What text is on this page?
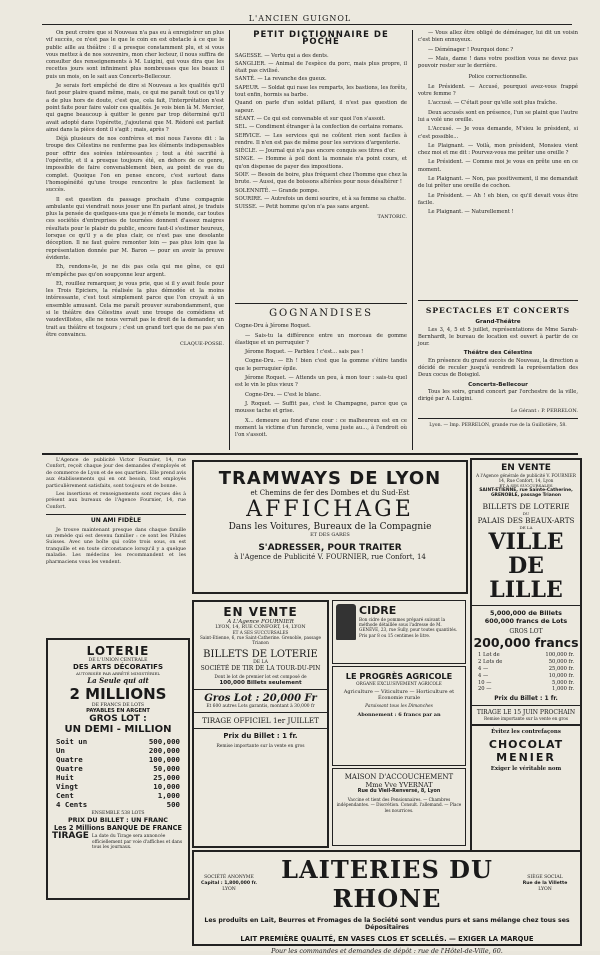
L'ANCIEN GUIGNOL

On peut croire que si Nouveau n'a pas eu à enregistrer un plus vif succès, ce n'est pas le que le coin en est obstacle à ce que le public aille au théâtre : il a presque constamment plu, et si vous vous mettez à de nos souvenirs, mon cher lecteur, il nous suffira de consulter des renseignements à M. Luigini, qui vous dira que les recettes jours sont infiniment plus nombreuses que les beaux il puis un mois, on le sait aux Concerts-Bellecour.

Je serais fort empêché de dire si Nouveau a les qualités qu'il faut pour plaire quand même, mais, ce qui me paraît tout ce qu'il y a de plus hors de doute, c'est que, cela fait, l'interprétation n'est point faite pour faire valoir ces qualités. Je vois bien là M. Mercier, qui gagne beaucoup à quitter le genre par trop déterminé qu'il avait adopté dans l'opérette, j'ajouterai que M. Rédoré est parfait ainsi dans la pièce dont il s'agit ; mais, après ?

Déjà plusieurs de nos confrères et moi nous l'avons dit : la troupe des Célestins ne renferme pas les éléments indispensables pour offrir des soirées intéressantes ; tout a été sacrifié à l'opérette, et il a presque toujours été, en dehors de ce genre, impossible de faire convenablement bien, au point de vue du complet. Quoique l'on en pense encore, c'est surtout dans l'homogénéité qu'une troupe rencontre le plus facilement le succès.

Il est question du passage prochain d'une compagnie ambulante qui viendrait nous jouer une En parlant ainsi, je traduis plus la pensée de quelques-uns que je n'émets le monde, car toutes ces sociétés d'entreprises de tournées donnent d'assez maigres résultats pour le plaisir du public, encore faut-il s'estimer heureux, lorsque ce qu'il y a de plus clair, ce n'est pas une desolante déception. Il ne faut guère remonter loin — pas plus loin que la représentation donnée par M. Baron — pour en avoir la preuve évidente.

Eh, rendons-le, je ne dis pas cela qui me gêne, ce qui m'empêche pas qu'on soupçonne leur argent.

Et, rouillez remarquer, je vous prie, que si il y avait foule pour les Trois Epiciers, la réalisée la plus démodée et la moins intéressante, c'est tout simplement parce que l'on croyait à un ensemble amusant. Cela me paraît prouver surabondamment, que si le théâtre des Célestins avait une troupe de comédiens et vaudevillistes, elle ne nous verrait pas le droit de la demander, un trait au théâtre et toujours ; c'est un grand tort que de ne pas s'en être convaincu.

CLAQUE-POSSE.
PETIT DICTIONNAIRE DE POCHE

SAGESSE. — Vertu qui a des dents.

SANGLIER. — Animal de l'espèce du porc, mais plus propre, il était pas civilisé.

SANTÉ. — La revanche des gueux.

SAPEUR. — Soldat qui rase les remparts, les bastions, les forêts, tout enfin, hormis sa barbe.

Quand on parle d'un soldat pillard, il n'est pas question de sapeur.

SÉANT. — Ce qui est convenable et sur quoi l'on s'assoit.

SEL. — Condiment étranger à la confection de certains romans.

SERVICE. — Les services qui ne coûtent rien sont faciles à rendre. Il n'en est pas de même pour les services d'argenterie.

SIÈCLE. — Journal qui n'a pas encore conquis ses titres d'or.

SINGE. — Homme à poil dont la monnaie n'a point cours, et qu'on dispense de payer des impositions.

SOIF. — Besoin de boire, plus fréquent chez l'homme que chez la brute. — Aussi, que de boissons altérées pour nous désaltérer !

SOLENNITÉ. — Grande pompe.

SOURIRE. — Autrefois un demi sourire, et à sa femme sa chatte.

SUISSE. — Petit homme qu'on n'a pas sans argent.

TANTORIC.
GOGNANDISES

Cogne-Dru à Jérome Roquet.

— Sais-tu la différence entre un morceau de gomme élastique et un perruquier ?

Jérome Roquet. — Parbleu ! c'est... sais pas !

Cogne-Dru. — Eh ! bien c'est que la gomme s'étire tandis que le perruquier épile.

Jérome Roquet. — Attends un peu, à mon tour : sais-tu quel est le vin le plus vieux ?

Cogne-Dru. — C'est le blanc.

J. Roquet. — Suffit pas, c'est le Champagne, parce que ça mousse tache et grise.

X... demeure au fond d'une cour : ce malheureux est en ce moment la victime d'un furoncle, venu juste au..., à l'endroit où l'on s'assoit.

— Vous allez être obligé de déménager, lui dit un voisin c'est bien ennuyeux.

— Déménager ! Pourquoi donc ?

— Mais, dame ! dans votre position vous ne devez pas pouvoir rester sur le derrière.

Police correctionnelle.

Le Président. — Accusé, pourquoi avez-vous frappé votre femme ?

L'accusé. — C'était pour qu'elle soit plus fraîche.

Deux accusés sont en présence, l'un se plaint que l'autre lui a volé une oreille.

L'Accusé. — Je vous demande, M'sieu le président, si c'est possible...

Le Plaignant. — Voilà, mon président, Monsieu vient chez moi et me dit : Pourvez-vous me prêter une oreille ?

Le Président. — Comme moi je vous en prête une en ce moment.

Le Plaignant. — Non, pas positivement, il me demandait de lui prêter une oreille de cochon.

Le Président. — Ah ! eh bien, ce qu'il devait vous être facile.

Le Plaignant. — Naturellement !

SPECTACLES ET CONCERTS
Grand-Théâtre

Les 3, 4, 5 et 5 juillet, représentations de Mme Sarah-Bernhardt, le bureau de location est ouvert à partir de ce jour.

Théâtre des Célestins

En présence du grand succès de Nouveau, la direction a décidé de reculer jusqu'à vendredi la représentation des Deux cocus de Boisgiol.

Concerts-Bellecour

Tous les soirs, grand concert par l'orchestre de la ville, dirigé par A. Luigini.

Le Gérant : P. PERRELON.
Lyon. — Imp. PERRELON, grande rue de la Guillotière, 58.

L'Agence de publicité Victor Fournier, 14, rue Confort, reçoit chaque jour des demandes d'employés et de commerce de Lyon et de ses quartiers. Elle prend avis aux établissements qui en ont besoin, tout employés particulièrement satisfaits, sont toujours et de bonne.

Les insertions et renseignements sont reçues dès à présent aux bureaux de l'Agence Fournier, 14, rue Confort.

UN AMI FIDÈLE

Je trouve maintenant presque dans chaque famille un remède qui est devenu familier : ce sont les Pilules Suisses. Avec une boîte qui coûte trois sous, on est tranquille et en toute circonstance lorsqu'il y a quelque maladie. Les médecins les recommandent et les pharmaciens vous les vendent.

LOTERIE
DE L'UNION CENTRALE
DES ARTS DÉCORATIFS
AUTORISÉE PAR ARRÊTÉ MINISTÉRIEL
La Seule qui ait
2 MILLIONS
DE FRANCS DE LOTS
PAYABLES EN ARGENT
GROS LOT :
UN DEMI - MILLION
Soit un	500,000
Un	200,000
Quatre	100,000
Quatre	50,000
Huit	25,000
Vingt	10,000
Cent	1,000
4 Cents	500
ENSEMBLE 538 LOTS
PRIX DU BILLET : UN FRANC
Les 2 Millions BANQUE DE FRANCE
TIRAGE La date du Tirage sera annoncée officiellement par voie d'affiches et dans tous les journaux.
TRAMWAYS DE LYON
et Chemins de fer des Dombes et du Sud-Est
AFFICHAGE
Dans les Voitures, Bureaux de la Compagnie
ET DES GARES
S'ADRESSER, POUR TRAITER
à l'Agence de Publicité V. FOURNIER, rue Confort, 14
EN VENTE
A L'Agence FOURNIER
LYON, 14, RUE CONFORT, 14, LYON
ET A SES SUCCURSALES
Saint-Etienne, 6, rue Saint-Catherine. Grenoble, passage Trianon
BILLETS DE LOTERIE
DE LA
SOCIÉTÉ DE TIR DE LA TOUR-DU-PIN
Dont le lot de premier lot est composé de
100,000 Billets seulement
Gros Lot : 20,000 Fr
Et 600 autres Lots garantis, montant à 30,000 fr
TIRAGE OFFICIEL 1er JUILLET
Prix du Billet : 1 fr.
Remise importante sur la vente en gros
CIDRE
Bon cidre de pommes préparé suivant la méthode détaillée sous l'adresse de M. GENÈVE, 23, rue Sully, pour toutes quantités. Pris par 8 ou 15 centimes le litre.
LE PROGRÈS AGRICOLE
ORGANE EXCLUSIVEMENT AGRICOLE
Agriculture — Viticulture — Horticulture et Économie rurale
Paraissant tous les Dimanches
Abonnement : 6 francs par an
MAISON D'ACCOUCHEMENT
Mme Vve YVERNAT
Rue du Vieil-Renversé, 8, Lyon
Vaccine et tient des Pensionnaires. — Chambres indépendantes. — Discrétion. Consult. l'allemand. — Place les nourrices.
EN VENTE
A l'Agence générale de publicité V. FOURNIER 14, Rue Confort, 14, Lyon
ET A SES SUCCURSALES
SAINT-ETIENNE, rue Sainte-Catherine, GRENOBLE, passage Trianon
BILLETS DE LOTERIE
DU
PALAIS DES BEAUX-ARTS
DE LA
VILLE DE LILLE
5,000,000 de Billets
600,000 francs de Lots
GROS LOT
200,000 francs
1 Lot de	100,000 fr.
2 Lots de	50,000 fr.
4 —	25,000 fr.
4 —	10,000 fr.
10 —	5,000 fr.
20 —	1,000 fr.
Prix du Billet : 1 fr.
TIRAGE LE 15 JUIN PROCHAIN
Remise importante sur la vente en gros
Évitez les contrefaçons
CHOCOLAT
MENIER
Exiger le véritable nom
SOCIÉTÉ ANONYME
Capital : 1,800,000 fr.
LYON
LAITERIES DU RHONE
SIÈGE SOCIAL
Rue de la Villette
LYON
Les produits en Lait, Beurres et Fromages de la Société sont vendus purs et sans mélange chez tous ses Dépositaires
LAIT PREMIÈRE QUALITÉ, EN VASES CLOS ET SCELLÉS. — EXIGER LA MARQUE
Pour les commandes et demandes de dépôt : rue de l'Hôtel-de-Ville, 60.
